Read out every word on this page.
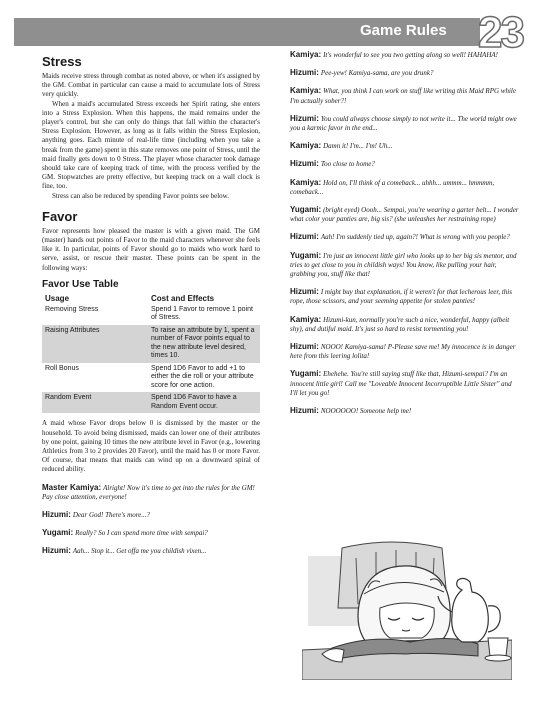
Game Rules 23
Stress

Maids receive stress through combat as noted above, or when it's assigned by the GM. Combat in particular can cause a maid to accumulate lots of Stress very quickly.

When a maid's accumulated Stress exceeds her Spirit rating, she enters into a Stress Explosion. When this happens, the maid remains under the player's control, but she can only do things that fall within the character's Stress Explosion. However, as long as it falls within the Stress Explosion, anything goes. Each minute of real-life time (including when you take a break from the game) spent in this state removes one point of Stress, until the maid finally gets down to 0 Stress. The player whose character took damage should take care of keeping track of time, with the process verified by the GM. Stopwatches are pretty effective, but keeping track on a wall clock is fine, too.

Stress can also be reduced by spending Favor points see below.

Favor

Favor represents how pleased the master is with a given maid. The GM (master) hands out points of Favor to the maid characters whenever she feels like it. In particular, points of Favor should go to maids who work hard to serve, assist, or rescue their master. These points can be spent in the following ways:

Favor Use Table
Usage	Cost and Effects
Removing Stress	Spend 1 Favor to remove 1 point of Stress.
Raising Attributes	To raise an attribute by 1, spent a number of Favor points equal to the new attribute level desired, times 10.
Roll Bonus	Spend 1D6 Favor to add +1 to either the die roll or your attribute score for one action.
Random Event	Spend 1D6 Favor to have a Random Event occur.

A maid whose Favor drops below 0 is dismissed by the master or the household. To avoid being dismissed, maids can lower one of their attributes by one point, gaining 10 times the new attribute level in Favor (e.g., lowering Athletics from 3 to 2 provides 20 Favor), until the maid has 0 or more Favor. Of course, that means that maids can wind up on a downward spiral of reduced ability.

Master Kamiya: Alright! Now it's time to get into the rules for the GM! Pay close attention, everyone!
Hizumi: Dear God! There's more...?
Yugami: Really? So I can spend more time with sempai?
Hizumi: Aah... Stop it... Get offa me you childish vixen...
Kamiya: It's wonderful to see you two getting along so well! HAHAHA!
Hizumi: Pee-yew! Kamiya-sama, are you drunk?
Kamiya: What, you think I can work on stuff like writing this Maid RPG while I'm actually sober?!
Hizumi: You could always choose simply to not write it... The world might owe you a karmic favor in the end...
Kamiya: Damn it! I'm... I'm! Uh...
Hizumi: Too close to home?
Kamiya: Hold on, I'll think of a comeback... uhhh... ummm... hmmmm, comeback...
Yugami: (bright eyed) Oooh... Sempai, you're wearing a garter belt... I wonder what color your panties are, big sis? (she unleashes her restraining rope)
Hizumi: Aah! I'm suddenly tied up, again?! What is wrong with you people?
Yugami: I'm just an innocent little girl who looks up to her big sis mentor, and tries to get close to you in childish ways! You know, like pulling your hair, grabbing you, stuff like that!
Hizumi: I might buy that explanation, if it weren't for that lecherous leer, this rope, those scissors, and your seeming appetite for stolen panties!
Kamiya: Hizumi-kun, normally you're such a nice, wonderful, happy (albeit shy), and dutiful maid. It's just so hard to resist tormenting you!
Hizumi: NOOO! Kamiya-sama! P-Please save me! My innocence is in danger here from this leering lolita!
Yugami: Ehehehe. You're still saying stuff like that, Hizumi-sempai? I'm an innocent little girl! Call me "Loveable Innocent Incorruptible Little Sister" and I'll let you go!
Hizumi: NOOOOOO! Someone help me!
